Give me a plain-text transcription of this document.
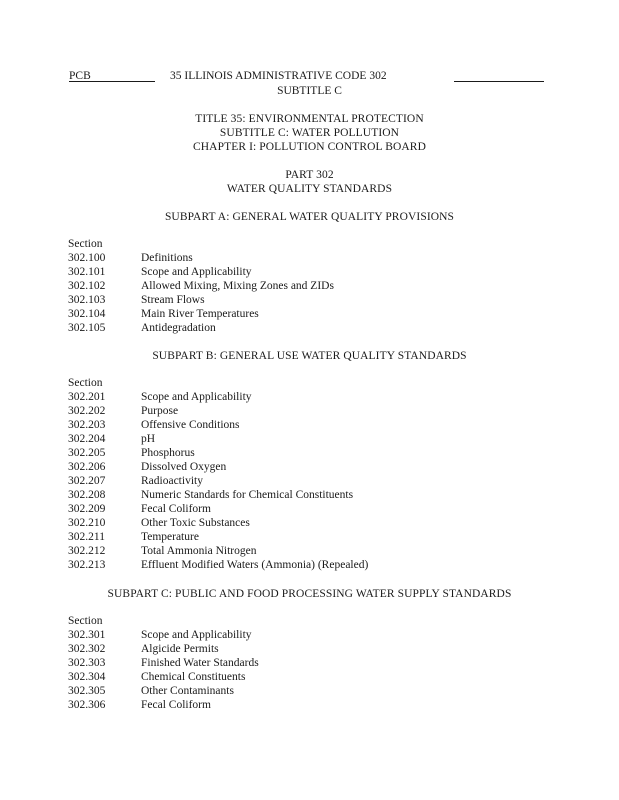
PCB	35 ILLINOIS ADMINISTRATIVE CODE 302
SUBTITLE C
TITLE 35: ENVIRONMENTAL PROTECTION
SUBTITLE C: WATER POLLUTION
CHAPTER I: POLLUTION CONTROL BOARD
PART 302
WATER QUALITY STANDARDS
SUBPART A: GENERAL WATER QUALITY PROVISIONS
Section
302.100	Definitions
302.101	Scope and Applicability
302.102	Allowed Mixing, Mixing Zones and ZIDs
302.103	Stream Flows
302.104	Main River Temperatures
302.105	Antidegradation
SUBPART B: GENERAL USE WATER QUALITY STANDARDS
Section
302.201	Scope and Applicability
302.202	Purpose
302.203	Offensive Conditions
302.204	pH
302.205	Phosphorus
302.206	Dissolved Oxygen
302.207	Radioactivity
302.208	Numeric Standards for Chemical Constituents
302.209	Fecal Coliform
302.210	Other Toxic Substances
302.211	Temperature
302.212	Total Ammonia Nitrogen
302.213	Effluent Modified Waters (Ammonia) (Repealed)
SUBPART C: PUBLIC AND FOOD PROCESSING WATER SUPPLY STANDARDS
Section
302.301	Scope and Applicability
302.302	Algicide Permits
302.303	Finished Water Standards
302.304	Chemical Constituents
302.305	Other Contaminants
302.306	Fecal Coliform
